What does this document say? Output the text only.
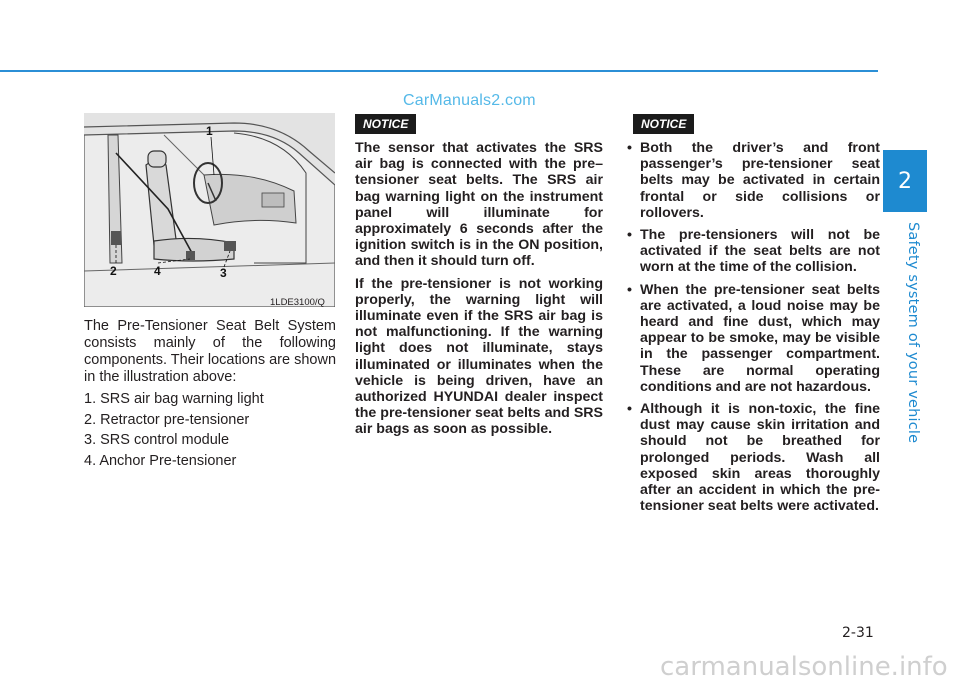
CarManuals2.com
2
Safety system of your vehicle
1
2	4	3
1LDE3100/Q

The Pre-Tensioner Seat Belt System consists mainly of the following components. Their locations are shown in the illustration above:

1. SRS air bag warning light
2. Retractor pre-tensioner
3. SRS control module
4. Anchor Pre-tensioner
NOTICE

The sensor that activates the SRS air bag is connected with the pre–tensioner seat belts. The SRS air bag warning light on the instrument panel will illuminate for approximately 6 seconds after the ignition switch is in the ON position, and then it should turn off.

If the pre-tensioner is not working properly, the warning light will illuminate even if the SRS air bag is not malfunctioning. If the warning light does not illuminate, stays illuminated or illuminates when the vehicle is being driven, have an authorized HYUNDAI dealer inspect the pre-tensioner seat belts and SRS air bags as soon as possible.

NOTICE
• Both the driver’s and front passenger’s pre-tensioner seat belts may be activated in certain frontal or side collisions or rollovers.
• The pre-tensioners will not be activated if the seat belts are not worn at the time of the collision.
• When the pre-tensioner seat belts are activated, a loud noise may be heard and fine dust, which may appear to be smoke, may be visible in the passenger compartment. These are normal operating conditions and are not hazardous.
• Although it is non-toxic, the fine dust may cause skin irritation and should not be breathed for prolonged periods. Wash all exposed skin areas thoroughly after an accident in which the pre-tensioner seat belts were activated.
2-31
carmanualsonline.info
